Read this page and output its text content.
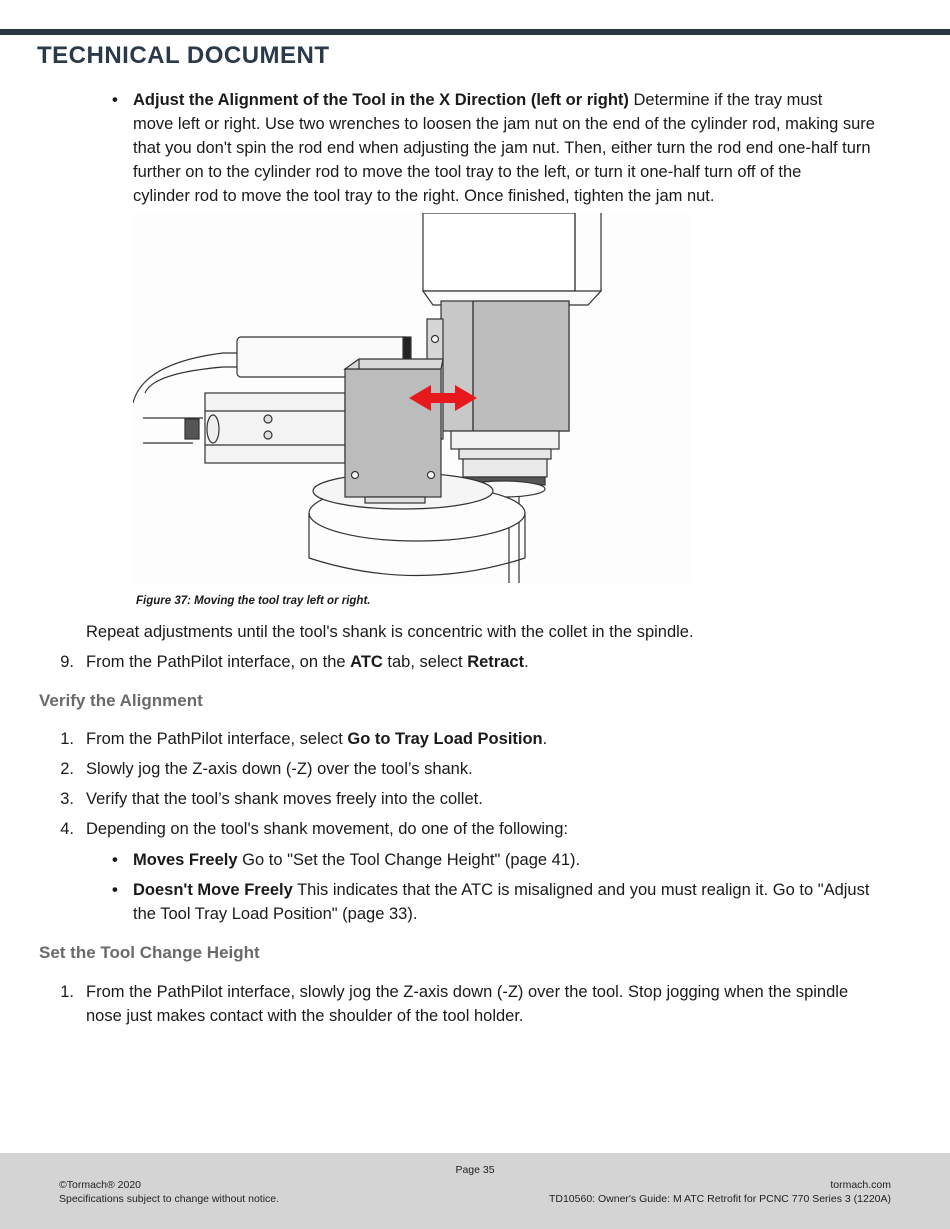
TECHNICAL DOCUMENT
• Adjust the Alignment of the Tool in the X Direction (left or right) Determine if the tray must
move left or right. Use two wrenches to loosen the jam nut on the end of the cylinder rod, making sure
that you don't spin the rod end when adjusting the jam nut. Then, either turn the rod end one-half turn
further on to the cylinder rod to move the tool tray to the left, or turn it one-half turn off of the
cylinder rod to move the tool tray to the right. Once finished, tighten the jam nut.
Figure 37: Moving the tool tray left or right.
Repeat adjustments until the tool's shank is concentric with the collet in the spindle.
9. From the PathPilot interface, on the ATC tab, select Retract.
Verify the Alignment
1. From the PathPilot interface, select Go to Tray Load Position.
2. Slowly jog the Z-axis down (-Z) over the tool’s shank.
3. Verify that the tool’s shank moves freely into the collet.
4. Depending on the tool's shank movement, do one of the following:
• Moves Freely Go to "Set the Tool Change Height" (page 41).
• Doesn't Move Freely This indicates that the ATC is misaligned and you must realign it. Go to "Adjust
the Tool Tray Load Position" (page 33).
Set the Tool Change Height
1. From the PathPilot interface, slowly jog the Z-axis down (-Z) over the tool. Stop jogging when the spindle
nose just makes contact with the shoulder of the tool holder.
Page 35
©Tormach® 2020
Specifications subject to change without notice.
tormach.com
TD10560: Owner's Guide: M ATC Retrofit for PCNC 770 Series 3 (1220A)
